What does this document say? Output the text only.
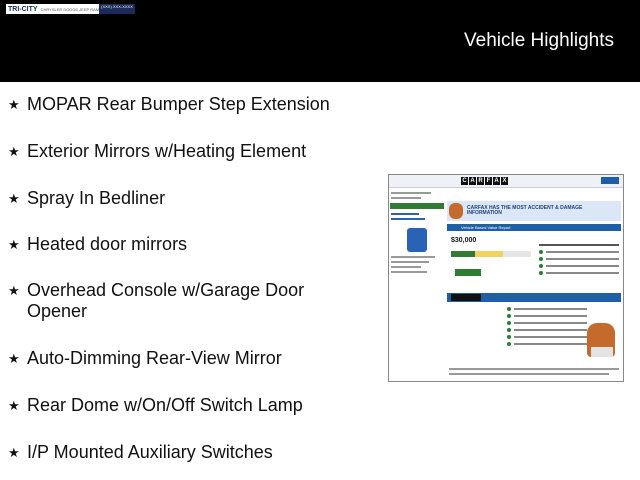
TRI-CITY CHRYSLER DODGE JEEP RAM (XXX) XXX-XXXX
Vehicle Highlights
★ MOPAR Rear Bumper Step Extension
★ Exterior Mirrors w/Heating Element
★ Spray In Bedliner
★ Heated door mirrors
★ Overhead Console w/Garage Door Opener
★ Auto-Dimming Rear-View Mirror
★ Rear Dome w/On/Off Switch Lamp
★ I/P Mounted Auxiliary Switches
C A R F A X
CARFAX HAS THE MOST ACCIDENT & DAMAGE INFORMATION
Vehicle Based Value Report
$30,000
